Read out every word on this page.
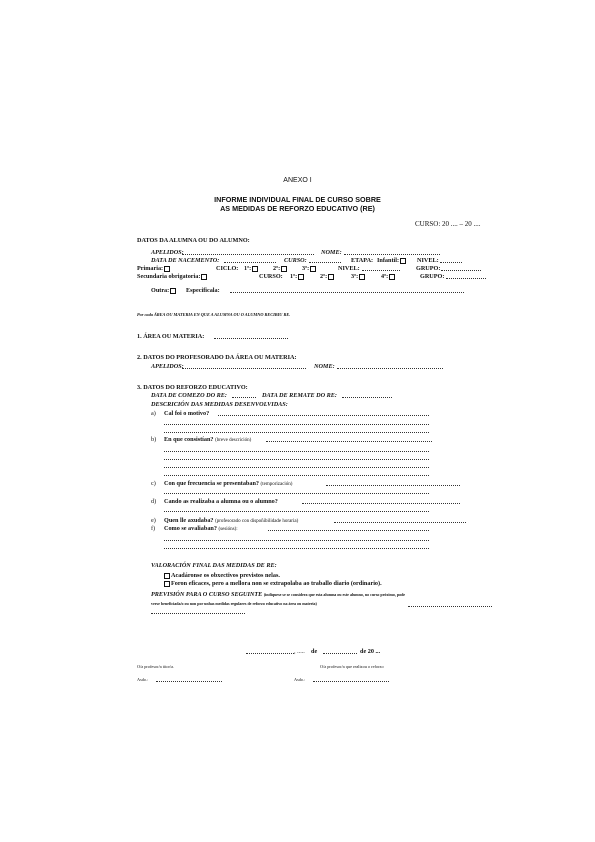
ANEXO I
INFORME INDIVIDUAL FINAL DE CURSO SOBRE
AS MEDIDAS DE REFORZO EDUCATIVO (RE)
CURSO: 20 .... – 20 ....
DATOS DA ALUMNA OU DO ALUMNO:
APELIDOS:	NOME:
DATA DE NACEMENTO:	CURSO:	ETAPA: Infantil:	NIVEL:
Primaria:	CICLO: 1º:	2º:	3º:	NIVEL:	GRUPO:
Secundaria obrigatoria:	CURSO: 1º:	2º:	3º:	4º:	GRUPO:
Outra:	Especificala:
Por cada ÁREA OU MATERIA EN QUE A ALUMNA OU O ALUMNO RECIBIU RE.
1. ÁREA OU MATERIA:
2. DATOS DO PROFESORADO DA ÁREA OU MATERIA:
APELIDOS:	NOME:
3. DATOS DO REFORZO EDUCATIVO:
DATA DE COMEZO DO RE:	DATA DE REMATE DO RE:
DESCRICIÓN DAS MEDIDAS DESENVOLVIDAS:
a) Cal foi o motivo?
b) En que consistían? (breve descrición)
c) Con que frecuencia se presentaban? (temporización)
d) Cando as realizaba a alumna ou o alumno?
e) Quen lle axudaba? (profesorado con dispoñibilidade horaria)
f) Como se avaliaban? (sesións):
VALORACIÓN FINAL DAS MEDIDAS DE RE:
Acadáronse os obxectivos previstos nelas.
Foron eficaces, pero a mellora non se extrapolaba ao traballo diario (ordinario).
PREVISIÓN PARA O CURSO SEGUINTE (indíquese se se considera que esta alumna ou este alumno, no curso próximo, pode
verse beneficiada/o ou non por unhas medidas regulares de reforzo educativo na área ou materia)
, ..... de	de 20 ...
O/a profesor/a titor/a.	O/a profesor/a que realizou o reforzo
Asdo.:	Asdo.:
